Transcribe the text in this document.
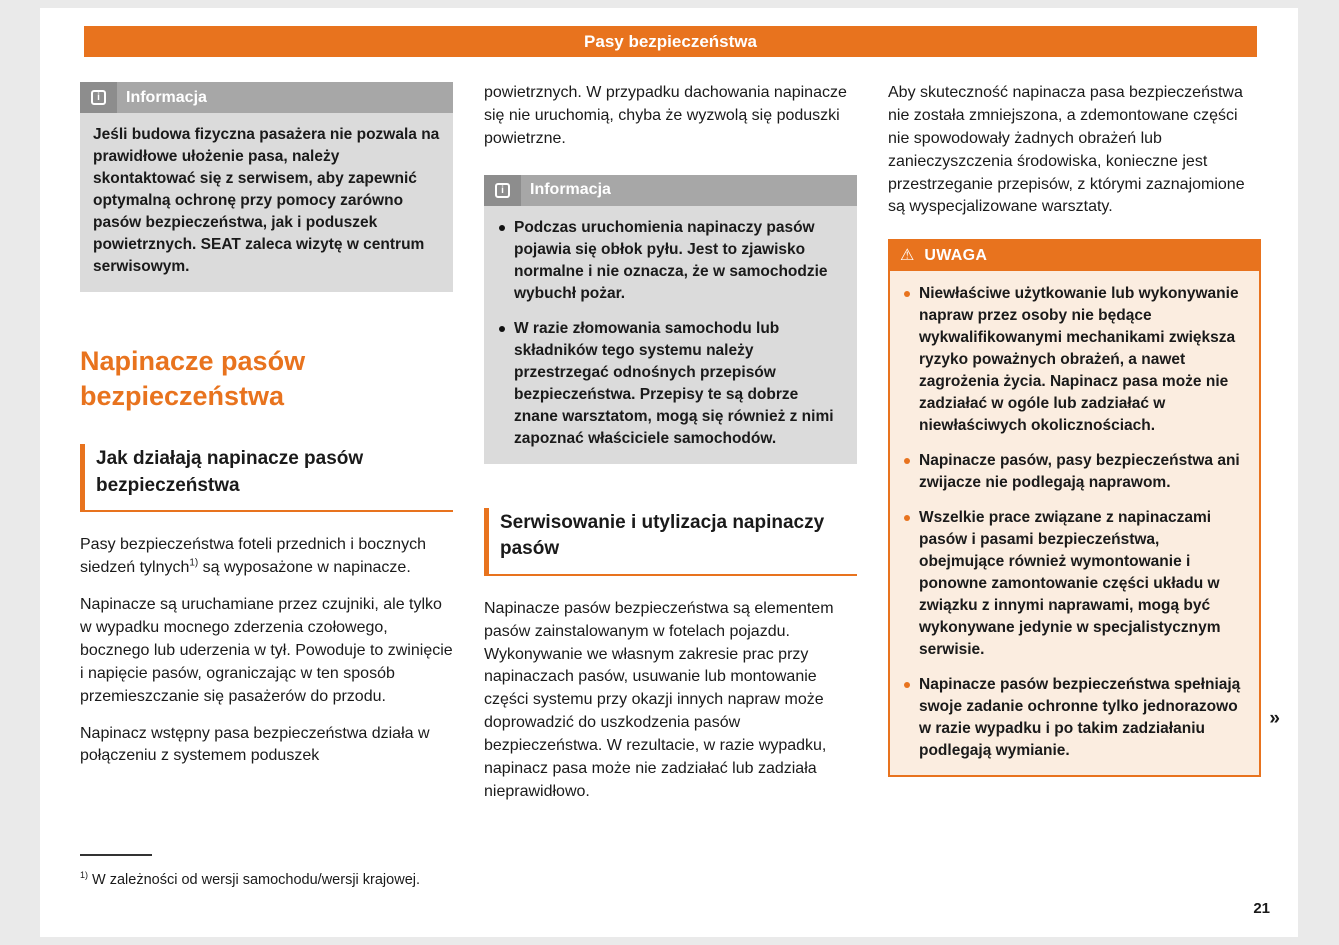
Pasy bezpieczeństwa
i	Informacja
Jeśli budowa fizyczna pasażera nie pozwala na prawidłowe ułożenie pasa, należy skontaktować się z serwisem, aby zapewnić optymalną ochronę przy pomocy zarówno pasów bezpieczeństwa, jak i poduszek powietrznych. SEAT zaleca wizytę w centrum serwisowym.
Napinacze pasów bezpieczeństwa
Jak działają napinacze pasów bezpieczeństwa

Pasy bezpieczeństwa foteli przednich i bocznych siedzeń tylnych$^{1)}$ są wyposażone w napinacze.

Napinacze są uruchamiane przez czujniki, ale tylko w wypadku mocnego zderzenia czołowego, bocznego lub uderzenia w tył. Powoduje to zwinięcie i napięcie pasów, ograniczając w ten sposób przemieszczanie się pasażerów do przodu.

Napinacz wstępny pasa bezpieczeństwa działa w połączeniu z systemem poduszek

$^{1)}$ W zależności od wersji samochodu/wersji krajowej.

powietrznych. W przypadku dachowania napinacze się nie uruchomią, chyba że wyzwolą się poduszki powietrzne.

i	Informacja
Podczas uruchomienia napinaczy pasów pojawia się obłok pyłu. Jest to zjawisko normalne i nie oznacza, że w samochodzie wybuchł pożar.
W razie złomowania samochodu lub składników tego systemu należy przestrzegać odnośnych przepisów bezpieczeństwa. Przepisy te są dobrze znane warsztatom, mogą się również z nimi zapoznać właściciele samochodów.
Serwisowanie i utylizacja napinaczy pasów

Napinacze pasów bezpieczeństwa są elementem pasów zainstalowanym w fotelach pojazdu. Wykonywanie we własnym zakresie prac przy napinaczach pasów, usuwanie lub montowanie części systemu przy okazji innych napraw może doprowadzić do uszkodzenia pasów bezpieczeństwa. W rezultacie, w razie wypadku, napinacz pasa może nie zadziałać lub zadziała nieprawidłowo.

Aby skuteczność napinacza pasa bezpieczeństwa nie została zmniejszona, a zdemontowane części nie spowodowały żadnych obrażeń lub zanieczyszczenia środowiska, konieczne jest przestrzeganie przepisów, z którymi zaznajomione są wyspecjalizowane warsztaty.

⚠ UWAGA
Niewłaściwe użytkowanie lub wykonywanie napraw przez osoby nie będące wykwalifikowanymi mechanikami zwiększa ryzyko poważnych obrażeń, a nawet zagrożenia życia. Napinacz pasa może nie zadziałać w ogóle lub zadziałać w niewłaściwych okolicznościach.
Napinacze pasów, pasy bezpieczeństwa ani zwijacze nie podlegają naprawom.
Wszelkie prace związane z napinaczami pasów i pasami bezpieczeństwa, obejmujące również wymontowanie i ponowne zamontowanie części układu w związku z innymi naprawami, mogą być wykonywane jedynie w specjalistycznym serwisie.
Napinacze pasów bezpieczeństwa spełniają swoje zadanie ochronne tylko jednorazowo w razie wypadku i po takim zadziałaniu podlegają wymianie.
»
21
